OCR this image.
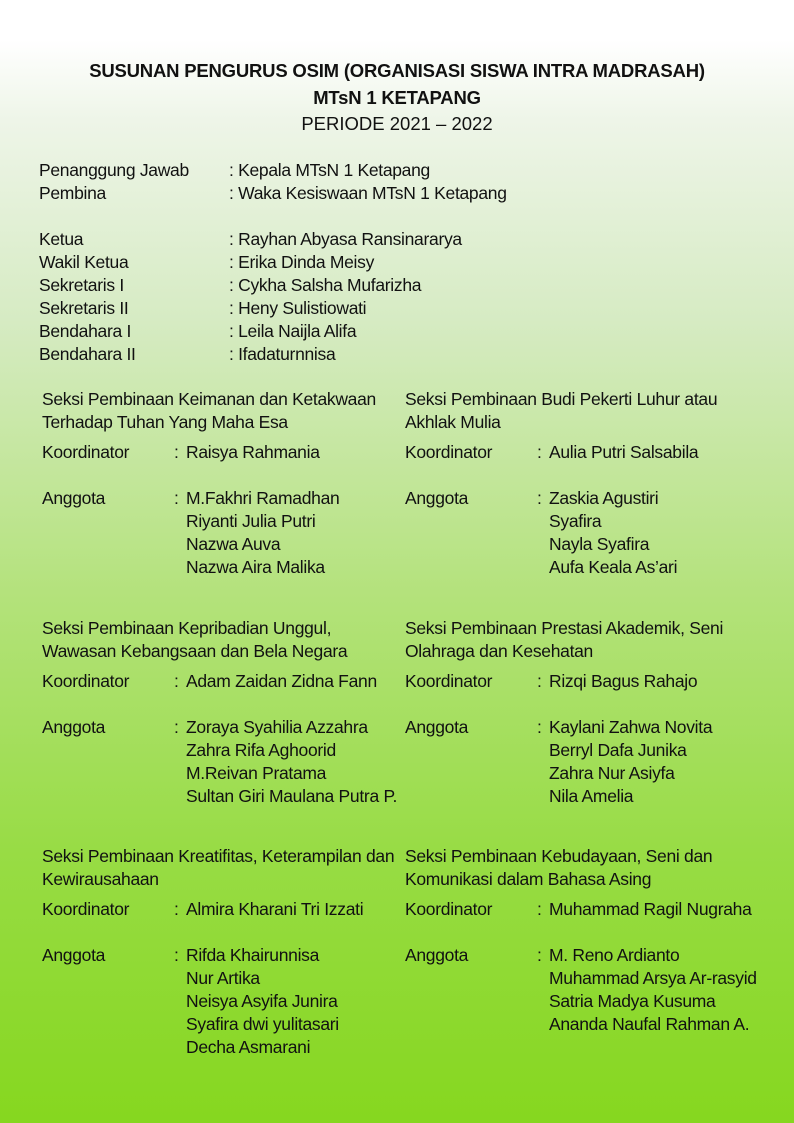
SUSUNAN PENGURUS OSIM (ORGANISASI SISWA INTRA MADRASAH)
MTsN 1 KETAPANG
PERIODE 2021 – 2022
Penanggung Jawab : Kepala MTsN 1 Ketapang
Pembina	: Waka Kesiswaan MTsN 1 Ketapang
Ketua	: Rayhan Abyasa Ransinararya
Wakil Ketua	: Erika Dinda Meisy
Sekretaris I	: Cykha Salsha Mufarizha
Sekretaris II	: Heny Sulistiowati
Bendahara I	: Leila Naijla Alifa
Bendahara II	: Ifadaturnnisa
Seksi Pembinaan Keimanan dan Ketakwaan
Terhadap Tuhan Yang Maha Esa
Koordinator	: Raisya Rahmania
Anggota	: M.Fakhri Ramadhan
Riyanti Julia Putri
Nazwa Auva
Nazwa Aira Malika
Seksi Pembinaan Budi Pekerti Luhur atau
Akhlak Mulia
Koordinator	: Aulia Putri Salsabila
Anggota	: Zaskia Agustiri
Syafira
Nayla Syafira
Aufa Keala As’ari
Seksi Pembinaan Kepribadian Unggul,
Wawasan Kebangsaan dan Bela Negara
Koordinator	: Adam Zaidan Zidna Fann
Anggota	: Zoraya Syahilia Azzahra
Zahra Rifa Aghoorid
M.Reivan Pratama
Sultan Giri Maulana Putra P.
Seksi Pembinaan Prestasi Akademik, Seni
Olahraga dan Kesehatan
Koordinator	: Rizqi Bagus Rahajo
Anggota	: Kaylani Zahwa Novita
Berryl Dafa Junika
Zahra Nur Asiyfa
Nila Amelia
Seksi Pembinaan Kreatifitas, Keterampilan dan
Kewirausahaan
Koordinator	: Almira Kharani Tri Izzati
Anggota	: Rifda Khairunnisa
Nur Artika
Neisya Asyifa Junira
Syafira dwi yulitasari
Decha Asmarani
Seksi Pembinaan Kebudayaan, Seni dan
Komunikasi dalam Bahasa Asing
Koordinator	: Muhammad Ragil Nugraha
Anggota	: M. Reno Ardianto
Muhammad Arsya Ar-rasyid
Satria Madya Kusuma
Ananda Naufal Rahman A.
